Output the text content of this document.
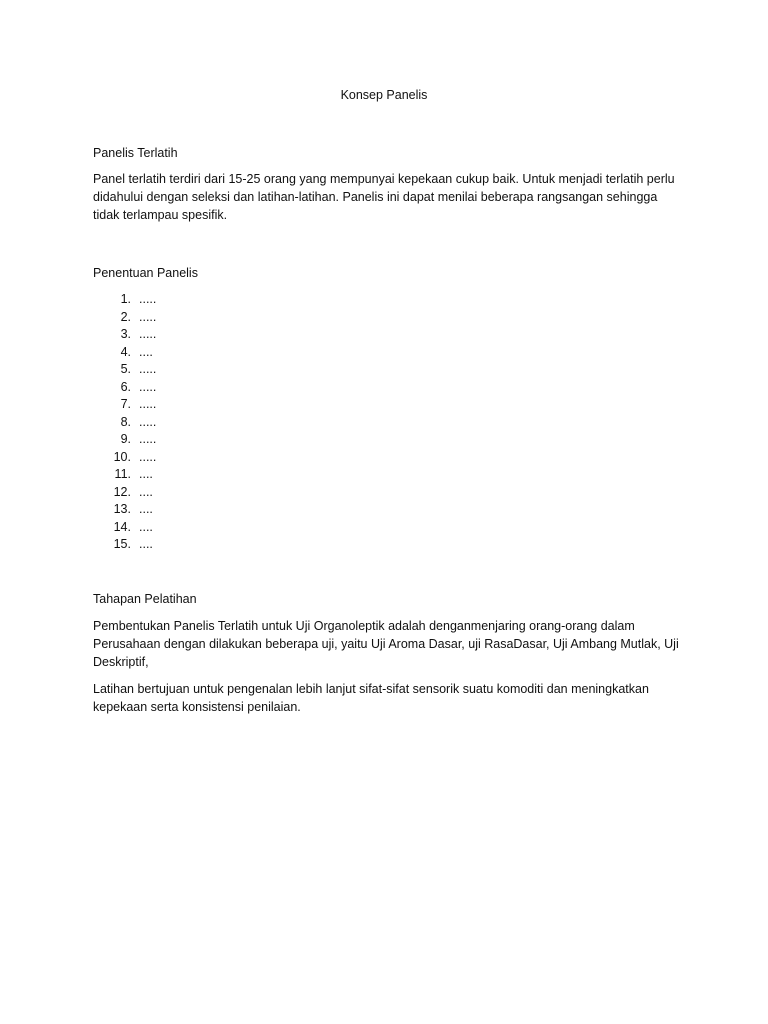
Konsep Panelis

Panelis Terlatih

Panel terlatih terdiri dari 15-25 orang yang mempunyai kepekaan cukup baik. Untuk menjadi terlatih perlu didahului dengan seleksi dan latihan-latihan. Panelis ini dapat menilai beberapa rangsangan sehingga tidak terlampau spesifik.

Penentuan Panelis

1. .....
2. .....
3. .....
4. ....
5. .....
6. .....
7. .....
8. .....
9. .....
10. .....
11. ....
12. ....
13. ....
14. ....
15. ....

Tahapan Pelatihan

Pembentukan Panelis Terlatih untuk Uji Organoleptik adalah denganmenjaring orang-orang dalam Perusahaan dengan dilakukan beberapa uji, yaitu Uji Aroma Dasar, uji RasaDasar, Uji Ambang Mutlak, Uji Deskriptif,

Latihan bertujuan untuk pengenalan lebih lanjut sifat-sifat sensorik suatu komoditi dan meningkatkan kepekaan serta konsistensi penilaian.
